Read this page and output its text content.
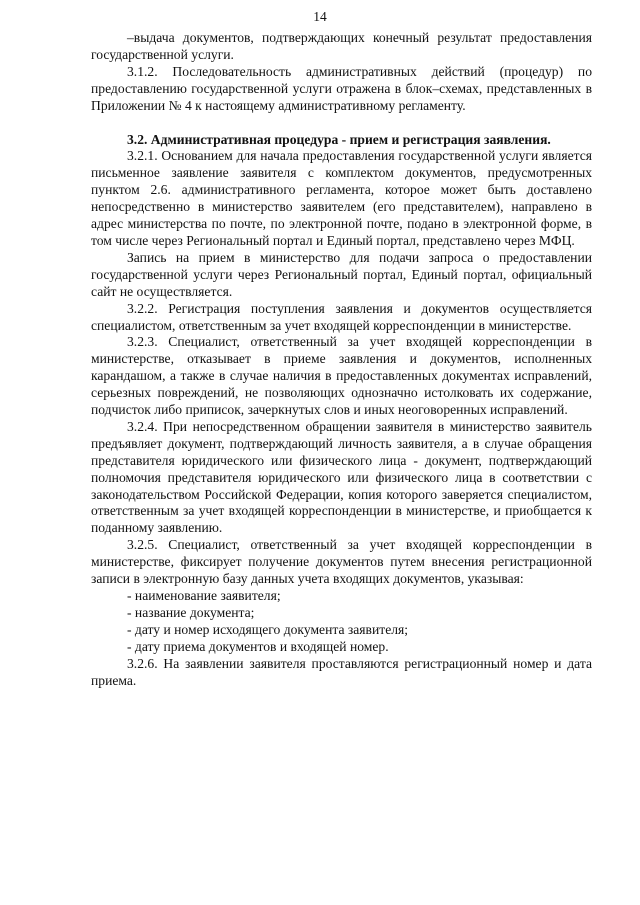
14

–выдача документов, подтверждающих конечный результат предоставления государственной услуги.

3.1.2. Последовательность административных действий (процедур) по предоставлению государственной услуги отражена в блок–схемах, представленных в Приложении № 4 к настоящему административному регламенту.

3.2. Административная процедура - прием и регистрация заявления.

3.2.1. Основанием для начала предоставления государственной услуги является письменное заявление заявителя с комплектом документов, предусмотренных пунктом 2.6. административного регламента, которое может быть доставлено непосредственно в министерство заявителем (его представителем), направлено в адрес министерства по почте, по электронной почте, подано в электронной форме, в том числе через Региональный портал и Единый портал, представлено через МФЦ.

Запись на прием в министерство для подачи запроса о предоставлении государственной услуги через Региональный портал, Единый портал, официальный сайт не осуществляется.

3.2.2. Регистрация поступления заявления и документов осуществляется специалистом, ответственным за учет входящей корреспонденции в министерстве.

3.2.3. Специалист, ответственный за учет входящей корреспонденции в министерстве, отказывает в приеме заявления и документов, исполненных карандашом, а также в случае наличия в предоставленных документах исправлений, серьезных повреждений, не позволяющих однозначно истолковать их содержание, подчисток либо приписок, зачеркнутых слов и иных неоговоренных исправлений.

3.2.4. При непосредственном обращении заявителя в министерство заявитель предъявляет документ, подтверждающий личность заявителя, а в случае обращения представителя юридического или физического лица - документ, подтверждающий полномочия представителя юридического или физического лица в соответствии с законодательством Российской Федерации, копия которого заверяется специалистом, ответственным за учет входящей корреспонденции в министерстве, и приобщается к поданному заявлению.

3.2.5. Специалист, ответственный за учет входящей корреспонденции в министерстве, фиксирует получение документов путем внесения регистрационной записи в электронную базу данных учета входящих документов, указывая:

- наименование заявителя;
- название документа;
- дату и номер исходящего документа заявителя;
- дату приема документов и входящей номер.

3.2.6. На заявлении заявителя проставляются регистрационный номер и дата приема.
